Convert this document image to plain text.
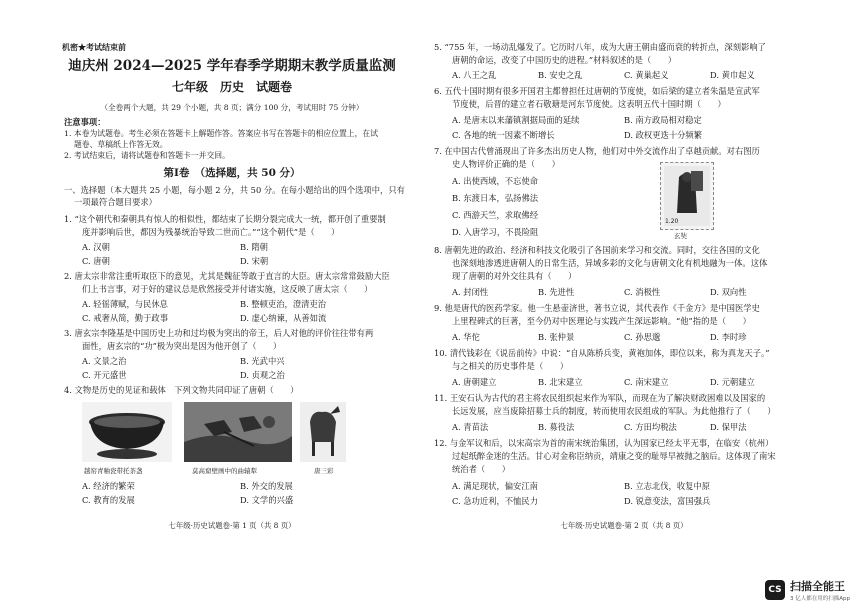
机密★考试结束前
迪庆州 2024—2025 学年春季学期期末教学质量监测
七年级　历史　试题卷
（全卷两个大题，共 29 个小题，共 8 页；满分 100 分，考试用时 75 分钟）
注意事项：
1. 本卷为试题卷。考生必须在答题卡上解题作答。答案应书写在答题卡的相应位置上，在试
题卷、草稿纸上作答无效。
2. 考试结束后，请将试题卷和答题卡一并交回。
第Ⅰ卷　（选择题，共 50 分）
一、选择题（本大题共 25 小题，每小题 2 分，共 50 分。在每小题给出的四个选项中，只有
一项最符合题目要求）
1. “这个朝代和秦朝具有惊人的相似性，都结束了长期分裂完成大一统，都开创了重要制
度并影响后世，都因为残暴统治导致二世而亡。”“这个朝代”是（　　）
A. 汉朝	B. 隋朝
C. 唐朝	D. 宋朝
2. 唐太宗非常注重听取臣下的意见，尤其是魏征等敢于直言的大臣。唐太宗常常鼓励大臣
们上书言事，对于好的建议总是欣然接受并付诸实施，这反映了唐太宗（　　）
A. 轻徭薄赋，与民休息	B. 整顿吏治，澄清吏治
C. 戒奢从简，勤于政事	D. 虚心纳谏，从善如流
3. 唐玄宗李隆基是中国历史上功和过均极为突出的帝王，后人对他的评价往往带有两
面性，唐玄宗的“功”极为突出是因为他开创了（　　）
A. 文景之治	B. 光武中兴
C. 开元盛世	D. 贞观之治
4. 文物是历史的见证和载体　下列文物共同印证了唐朝（　　）
越窑青釉瓷带托茶盏	莫高窟壁画中的曲辕犁	唐三彩
A. 经济的繁荣	B. 外交的发展
C. 教育的发展	D. 文学的兴盛
七年级·历史试题卷·第 1 页（共 8 页）
5. “755 年，一场动乱爆发了。它历时八年，成为大唐王朝由盛而衰的转折点，深刻影响了
唐朝的命运，改变了中国历史的进程。”材料叙述的是（　　）
A. 八王之乱	B. 安史之乱	C. 黄巢起义	D. 黄巾起义
6. 五代十国时期有很多开国君主都曾担任过唐朝的节度使，如后梁的建立者朱温是宣武军
节度使，后晋的建立者石敬瑭是河东节度使。这表明五代十国时期（　　）
A. 是唐末以来藩镇割据局面的延续	B. 南方政局相对稳定
C. 各地的统一因素不断增长	D. 政权更迭十分频繁
7. 在中国古代曾涌现出了许多杰出历史人物，他们对中外交流作出了卓越贡献。对右图历
史人物评价正确的是（　　）
A. 出使西域，不忘使命
B. 东渡日本，弘扬佛法
C. 西游天竺，求取佛经
D. 入唐学习，不畏险阻
1.20
玄奘
8. 唐朝先进的政治、经济和科技文化吸引了各国前来学习和交流。同时，交往各国的文化
也深刻地渗透进唐朝人的日常生活，异域多彩的文化与唐朝文化有机地融为一体。这体
现了唐朝的对外交往具有（　　）
A. 封闭性	B. 先进性	C. 消极性	D. 双向性
9. 他是唐代的医药学家。他一生悬壶济世，著书立说，其代表作《千金方》是中国医学史
上里程碑式的巨著，至今仍对中医理论与实践产生深远影响。“他”指的是（　　）
A. 华佗	B. 张仲景	C. 孙思邈	D. 李时珍
10. 清代钱彩在《说岳前传》中说：“自从陈桥兵变，黄袍加体，即位以来，称为真龙天子。”
与之相关的历史事件是（　　）
A. 唐朝建立	B. 北宋建立	C. 南宋建立	D. 元朝建立
11. 王安石认为古代的君主将农民组织起来作为军队，而现在为了解决财政困难以及国家的
长远发展，应当废除招募士兵的制度，转而使用农民组成的军队。为此他推行了（　　）
A. 青苗法	B. 募役法	C. 方田均税法	D. 保甲法
12. 与金军议和后，以宋高宗为首的南宋统治集团，认为国家已经太平无事，在临安（杭州）
过起纸醉金迷的生活。甘心对金称臣纳贡，靖康之变的耻辱早被抛之脑后。这体现了南宋
统治者（　　）
A. 满足现状，偏安江南	B. 立志北伐，收复中原
C. 急功近利，不恤民力	D. 锐意变法，富国强兵
七年级·历史试题卷·第 2 页（共 8 页）
CS 扫描全能王
3 亿人都在用的扫描App
